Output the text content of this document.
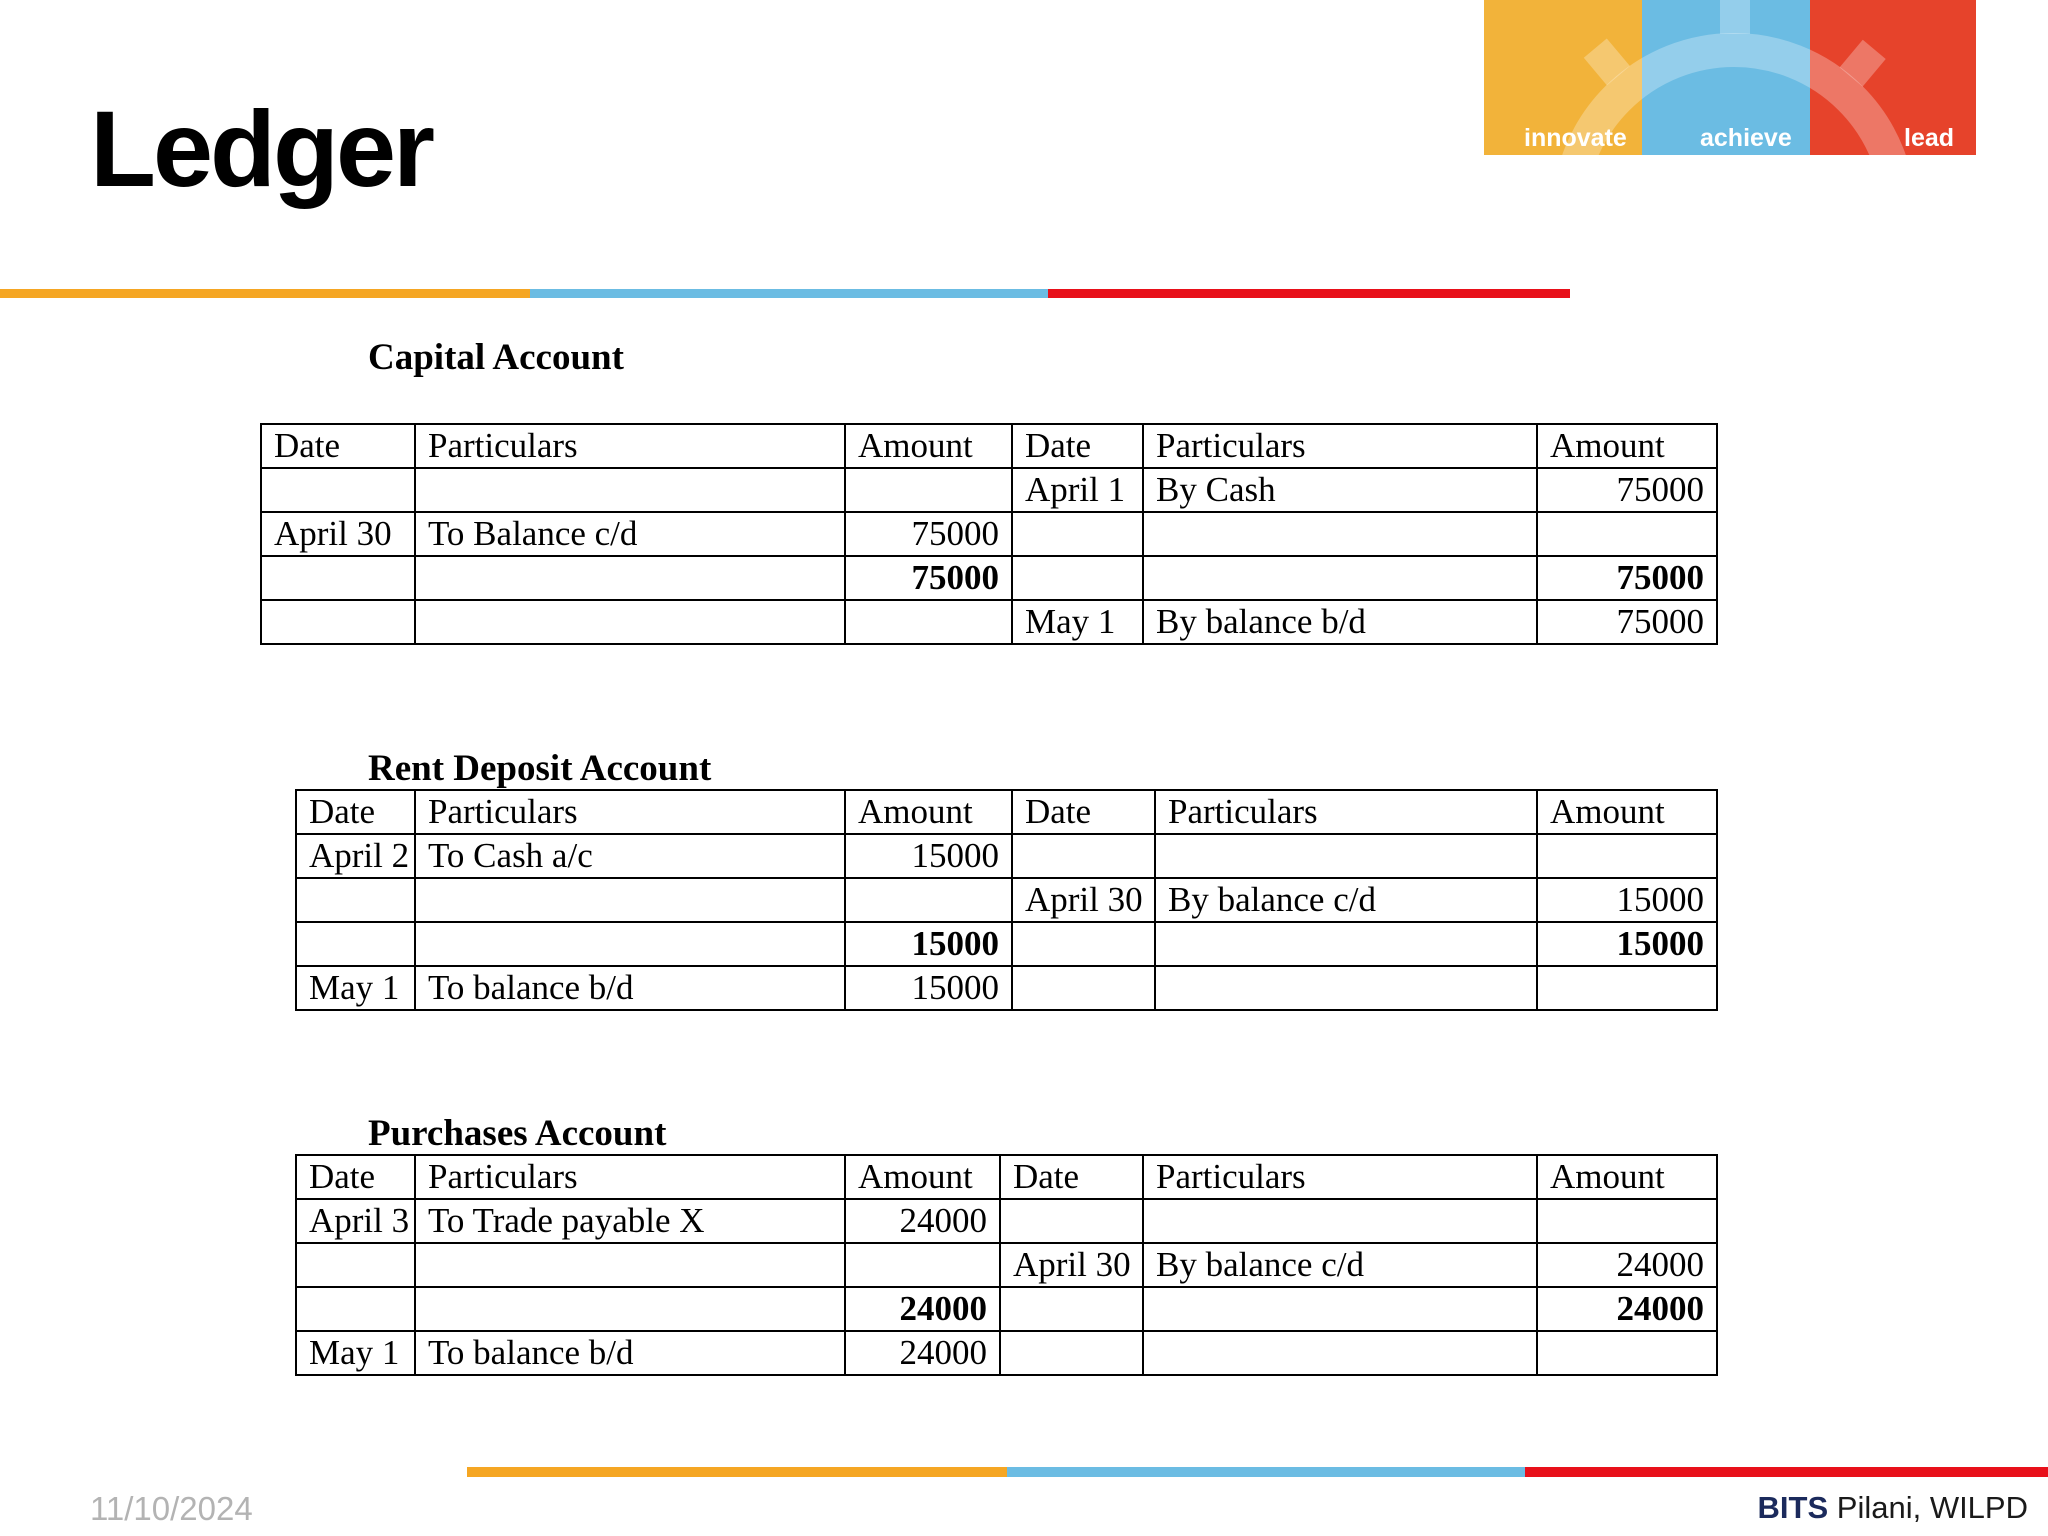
Ledger	innovate	achieve	lead
Capital Account
Date	Particulars	Amount	Date	Particulars	Amount
			April 1	By Cash	75000
April 30	To Balance c/d	75000			
		75000			75000
			May 1	By balance b/d	75000
Rent Deposit Account
Date	Particulars	Amount	Date	Particulars	Amount
April 2	To Cash a/c	15000			
			April 30	By balance c/d	15000
		15000			15000
May 1	To balance b/d	15000			
Purchases Account
Date	Particulars	Amount	Date	Particulars	Amount
April 3	To Trade payable X	24000			
			April 30	By balance c/d	24000
		24000			24000
May 1	To balance b/d	24000			
11/10/2024	BITS Pilani, WILPD
